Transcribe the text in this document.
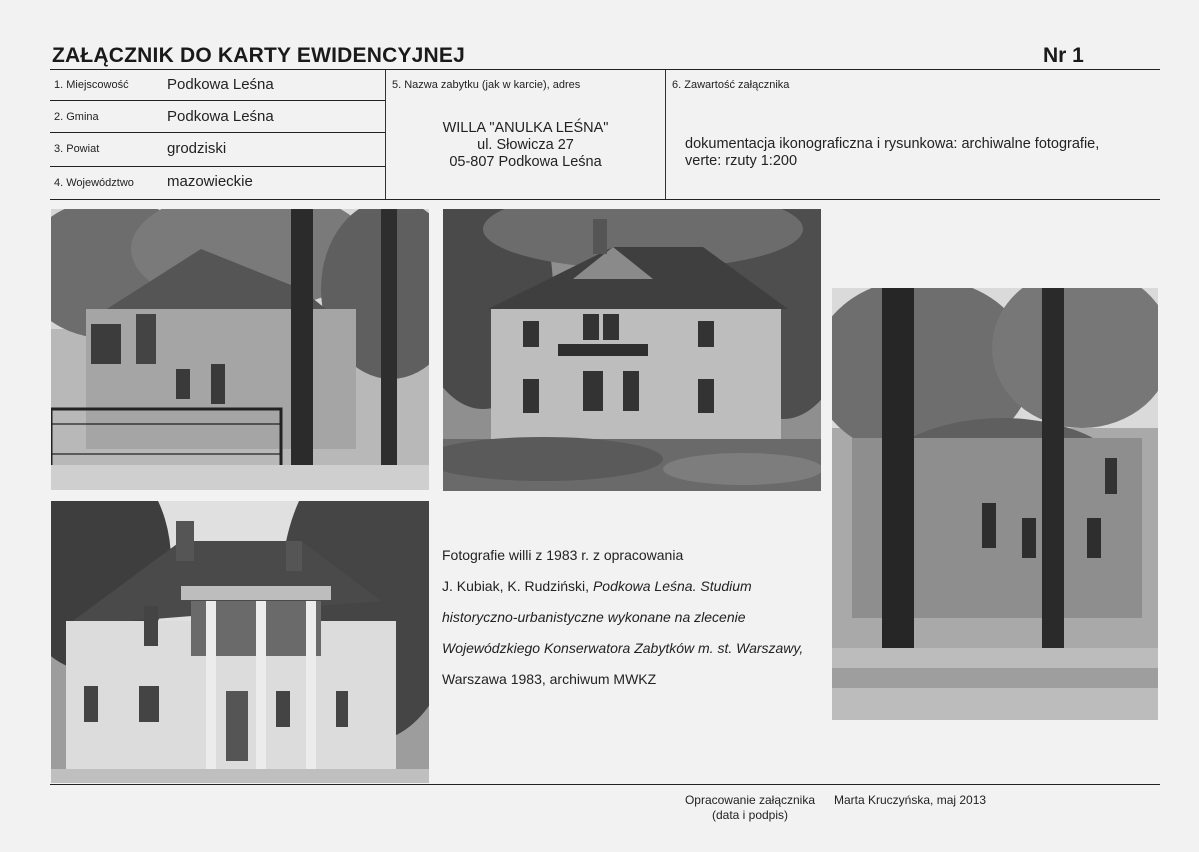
ZAŁĄCZNIK DO KARTY EWIDENCYJNEJ	Nr 1
1. Miejscowość	Podkowa Leśna
2. Gmina	Podkowa Leśna
3. Powiat	grodziski
4. Województwo mazowieckie
5. Nazwa zabytku (jak w karcie), adres
WILLA "ANULKA LEŚNA"
ul. Słowicza 27
05-807 Podkowa Leśna
6. Zawartość załącznika
dokumentacja ikonograficzna i rysunkowa: archiwalne fotografie,
verte: rzuty 1:200
Fotografie willi z 1983 r. z opracowania
J. Kubiak, K. Rudziński, Podkowa Leśna. Studium
historyczno-urbanistyczne wykonane na zlecenie
Wojewódzkiego Konserwatora Zabytków m. st. Warszawy,
Warszawa 1983, archiwum MWKZ
Opracowanie załącznika
(data i podpis)
Marta Kruczyńska, maj 2013
